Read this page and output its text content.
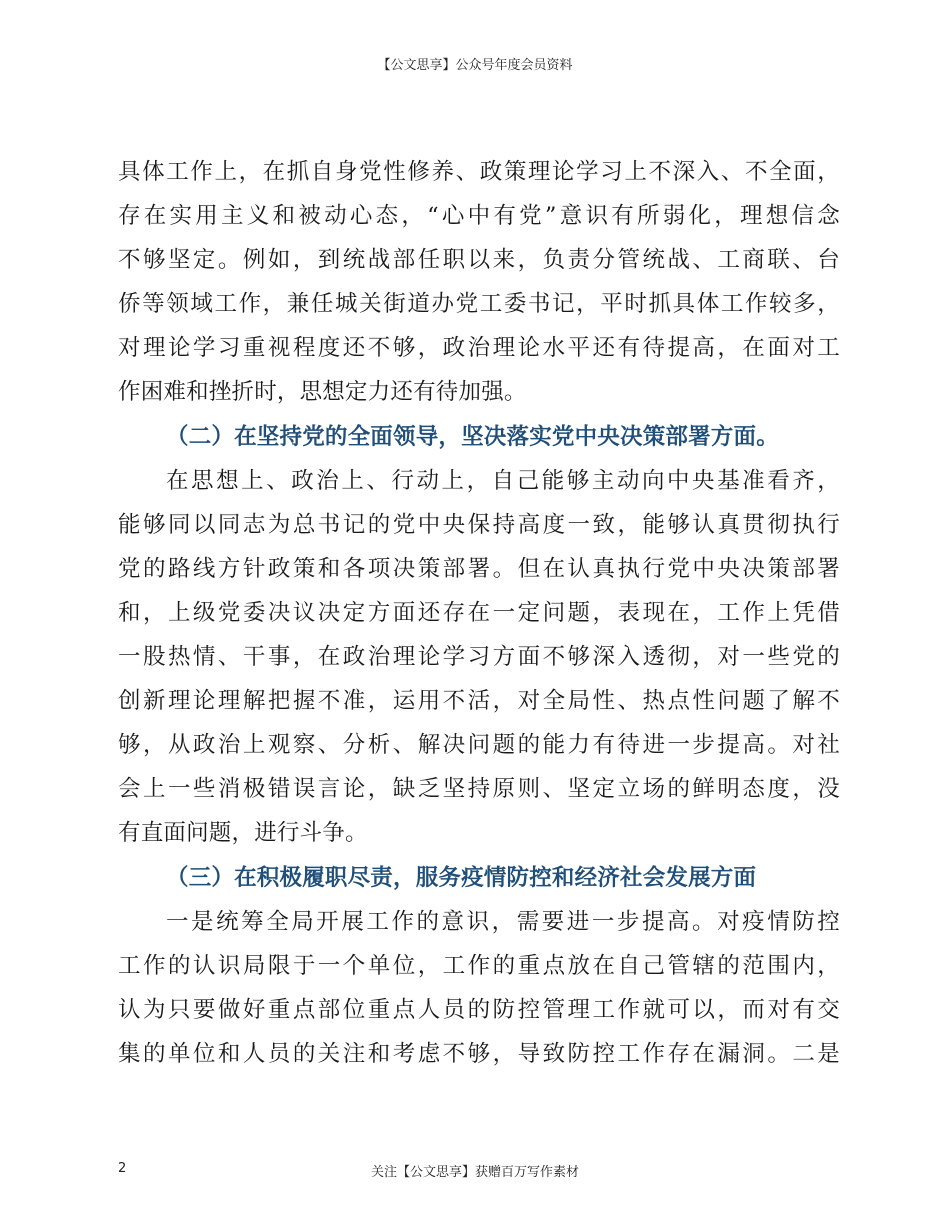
【公文思享】公众号年度会员资料
具体工作上，在抓自身党性修养、政策理论学习上不深入、不全面，
存在实用主义和被动心态，“心中有党”意识有所弱化，理想信念
不够坚定。例如，到统战部任职以来，负责分管统战、工商联、台
侨等领域工作，兼任城关街道办党工委书记，平时抓具体工作较多，
对理论学习重视程度还不够，政治理论水平还有待提高，在面对工
作困难和挫折时，思想定力还有待加强。
（二）在坚持党的全面领导，坚决落实党中央决策部署方面。
在思想上、政治上、行动上，自己能够主动向中央基准看齐，
能够同以同志为总书记的党中央保持高度一致，能够认真贯彻执行
党的路线方针政策和各项决策部署。但在认真执行党中央决策部署
和，上级党委决议决定方面还存在一定问题，表现在，工作上凭借
一股热情、干事，在政治理论学习方面不够深入透彻，对一些党的
创新理论理解把握不准，运用不活，对全局性、热点性问题了解不
够，从政治上观察、分析、解决问题的能力有待进一步提高。对社
会上一些消极错误言论，缺乏坚持原则、坚定立场的鲜明态度，没
有直面问题，进行斗争。
（三）在积极履职尽责，服务疫情防控和经济社会发展方面
一是统筹全局开展工作的意识，需要进一步提高。对疫情防控
工作的认识局限于一个单位，工作的重点放在自己管辖的范围内，
认为只要做好重点部位重点人员的防控管理工作就可以，而对有交
集的单位和人员的关注和考虑不够，导致防控工作存在漏洞。二是
2	关注【公文思享】获赠百万写作素材
